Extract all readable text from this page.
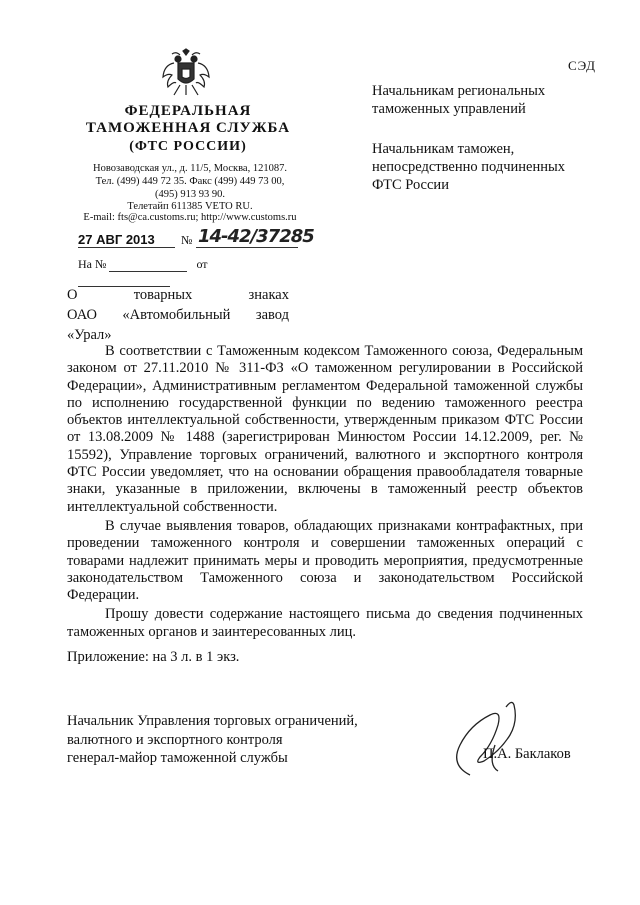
СЭД
ФЕДЕРАЛЬНАЯ
ТАМОЖЕННАЯ СЛУЖБА
(ФТС РОССИИ)
Новозаводская ул., д. 11/5, Москва, 121087.
Тел. (499) 449 72 35. Факс (499) 449 73 00,
(495) 913 93 90.
Телетайп 611385 VETO RU.
E-mail: fts@ca.customs.ru; http://www.customs.ru
27 АВГ 2013	№ 14-42/37285
На №	от
Начальникам региональных
таможенных управлений
Начальникам таможен,
непосредственно подчиненных
ФТС России
О товарных знаках
ОАО «Автомобильный завод «Урал»

В соответствии с Таможенным кодексом Таможенного союза, Федеральным законом от 27.11.2010 № 311-ФЗ «О таможенном регулировании в Российской Федерации», Административным регламентом Федеральной таможенной службы по исполнению государственной функции по ведению таможенного реестра объектов интеллектуальной собственности, утвержденным приказом ФТС России от 13.08.2009 № 1488 (зарегистрирован Минюстом России 14.12.2009, рег. № 15592), Управление торговых ограничений, валютного и экспортного контроля ФТС России уведомляет, что на основании обращения правообладателя товарные знаки, указанные в приложении, включены в таможенный реестр объектов интеллектуальной собственности.

В случае выявления товаров, обладающих признаками контрафактных, при проведении таможенного контроля и совершении таможенных операций с товарами надлежит принимать меры и проводить мероприятия, предусмотренные законодательством Таможенного союза и законодательством Российской Федерации.

Прошу довести содержание настоящего письма до сведения подчиненных таможенных органов и заинтересованных лиц.

Приложение: на 3 л. в 1 экз.
Начальник Управления торговых ограничений,
валютного и экспортного контроля
генерал-майор таможенной службы	П.А. Баклаков
